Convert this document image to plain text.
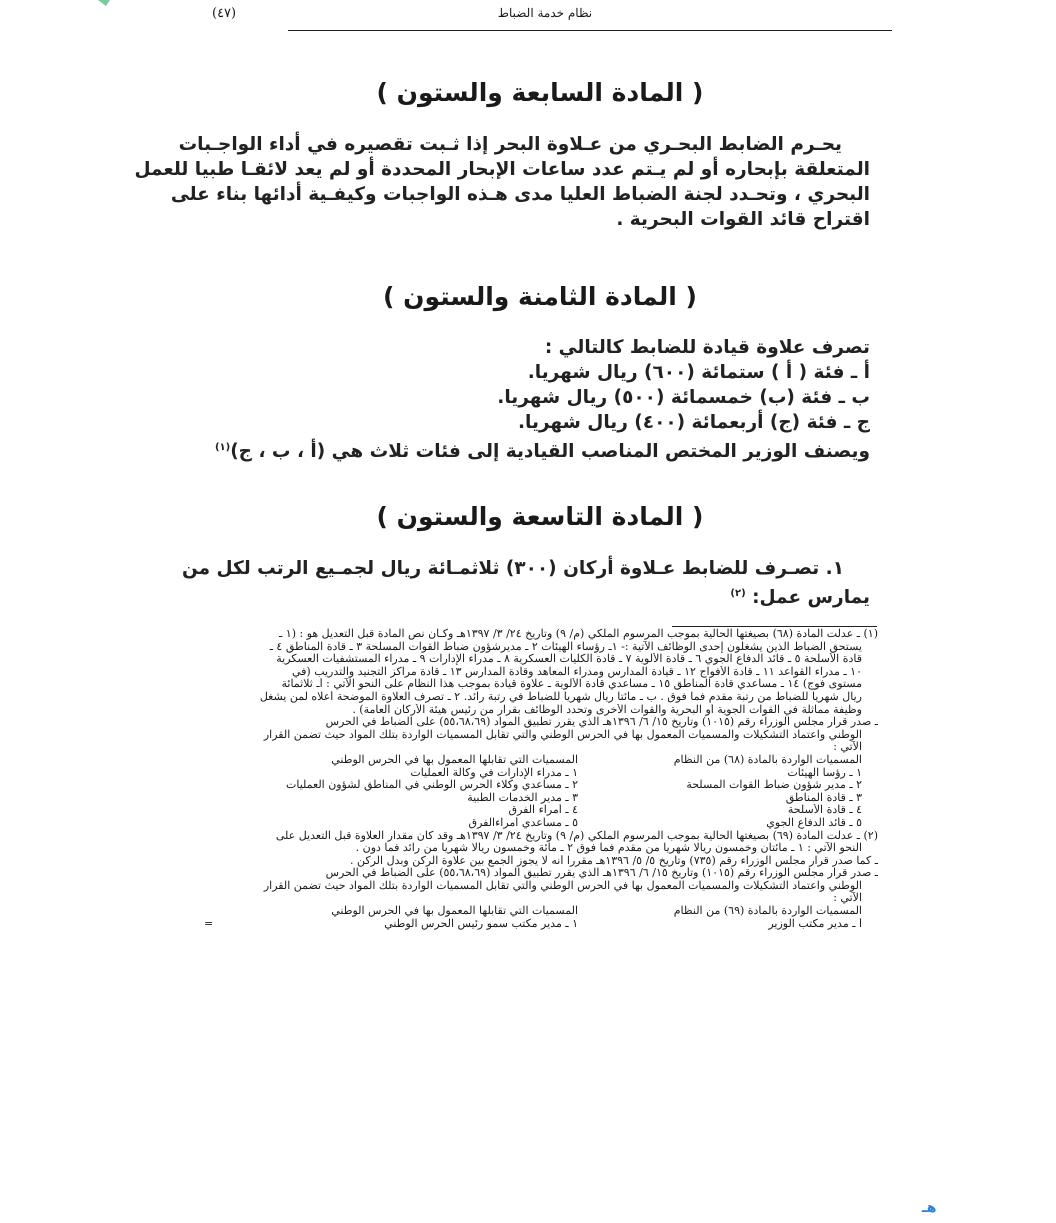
نظام خدمة الضباط
(٤٧)
( المادة السابعة والستون )
يحـرم الضابط البحـري من عـلاوة البحر إذا ثـبت تقصيره في أداء الواجـبات
المتعلقة بإبحاره أو لم يـتم عدد ساعات الإبحار المحددة أو لم يعد لائقـا طبيا للعمل
البحري ، وتحـدد لجنة الضباط العليا مدى هـذه الواجبات وكيفـية أدائها بناء على
اقتراح قائد القوات البحرية .
( المادة الثامنة والستون )
تصرف علاوة قيادة للضابط كالتالي :
أ ـ فئة ( أ ) ستمائة (٦٠٠) ريال شهريا.
ب ـ فئة (ب) خمسمائة (٥٠٠) ريال شهريا.
ج ـ فئة (ج) أربعمائة (٤٠٠) ريال شهريا.
ويصنف الوزير المختص المناصب القيادية إلى فئات ثلاث هي (أ ، ب ، ج)$^{(١)}$
( المادة التاسعة والستون )
١. تصـرف للضابط عـلاوة أركان (٣٠٠) ثلاثمـائة ريال لجمـيع الرتب لكل من
يمارس عمل: $^{(٢)}$
(١) ـ عدلت المادة (٦٨) بصيغتها الحالية بموجب المرسوم الملكي (م/ ٩) وتاريخ ٢٤/ ٣/ ١٣٩٧هـ وكـان نص المادة قبل التعديل هو : (١ ـ
يستحق الضباط الذين يشغلون إحدى الوظائف الآتية :- ١ـ رؤساء الهيئات ٢ ـ مديرشؤون ضباط القوات المسلحة ٣ ـ قادة المناطق ٤ ـ
قادة الأسلحة ٥ ـ قائد الدفاع الجوي ٦ ـ قادة الألوية ٧ ـ قادة الكليات العسكرية ٨ ـ مدراء الإدارات ٩ ـ مدراء المستشفيات العسكرية
١٠ ـ مدراء القواعد ١١ ـ قادة الأفواج ١٢ ـ قيادة المدارس ومدراء المعاهد وقادة المدارس ١٣ ـ قادة مراكز التجنيد والتدريب (في
مستوى فوج) ١٤ ـ مساعدي قادة المناطق ١٥ ـ مساعدي قادة الألوية ـ علاوة قيادة بموجب هذا النظام على النحو الآتي : أـ ثلاثمائة
ريال شهريا للضباط من رتبة مقدم فما فوق . ب ـ مائتا ريال شهريا للضباط في رتبة رائد. ٢ ـ تصرف العلاوة الموضحة أعلاه لمن يشغل
وظيفة مماثلة في القوات الجوية أو البحرية والقوات الأخرى وتحدد الوظائف بقرار من رئيس هيئة الأركان العامة) .
ـ صدر قرار مجلس الوزراء رقم (١٠١٥) وتاريخ ١٥/ ٦/ ١٣٩٦هـ الذي يقرر تطبيق المواد (٥٥،٦٨،٦٩) على الضباط في الحرس
الوطني واعتماد التشكيلات والمسميات المعمول بها في الحرس الوطني والتي تقابل المسميات الواردة بتلك المواد حيث تضمن القرار
الآتي :
المسميات الواردة بالمادة (٦٨) من النظام
١ ـ رؤسا الهيئات
٢ ـ مدير شؤون ضباط القوات المسلحة
٣ ـ قادة المناطق
٤ ـ قادة الأسلحة
٥ ـ قائد الدفاع الجوي
المسميات التي تقابلها المعمول بها في الحرس الوطني
١ ـ مدراء الإدارات في وكالة العمليات
٢ ـ مساعدي وكلاء الحرس الوطني في المناطق لشؤون العمليات
٣ ـ مدير الخدمات الطبية
٤ ـ أمراء الفرق
٥ ـ مساعدي أمراءالفرق
(٢) ـ عدلت المادة (٦٩) بصيغتها الحالية بموجب المرسوم الملكي (م/ ٩) وتاريخ ٢٤/ ٣/ ١٣٩٧هـ وقد كان مقدار العلاوة قبل التعديل على
النحو الآتي : ١ ـ مائتان وخمسون ريالا شهريا من مقدم فما فوق ٢ ـ مائة وخمسون ريالا شهرياً من رائد فما دون .
ـ كما صدر قرار مجلس الوزراء رقم (٧٣٥) وتاريخ ٥/ ٥/ ١٣٩٦هـ مقررا أنه لا يجوز الجمع بين علاوة الركن وبدل الركن .
ـ صدر قرار مجلس الوزراء رقم (١٠١٥) وتاريخ ١٥/ ٦/ ١٣٩٦هـ الذي يقرر تطبيق المواد (٥٥،٦٨،٦٩) على الضباط في الحرس
الوطني واعتماد التشكيلات والمسميات المعمول بها في الحرس الوطني والتي تقابل المسميات الواردة بتلك المواد حيث تضمن القرار
الآتي :
المسميات الواردة بالمادة (٦٩) من النظام
أ ـ مدير مكتب الوزير
المسميات التي تقابلها المعمول بها في الحرس الوطني
١ ـ مدير مكتب سمو رئيس الحرس الوطني
=
هـ
